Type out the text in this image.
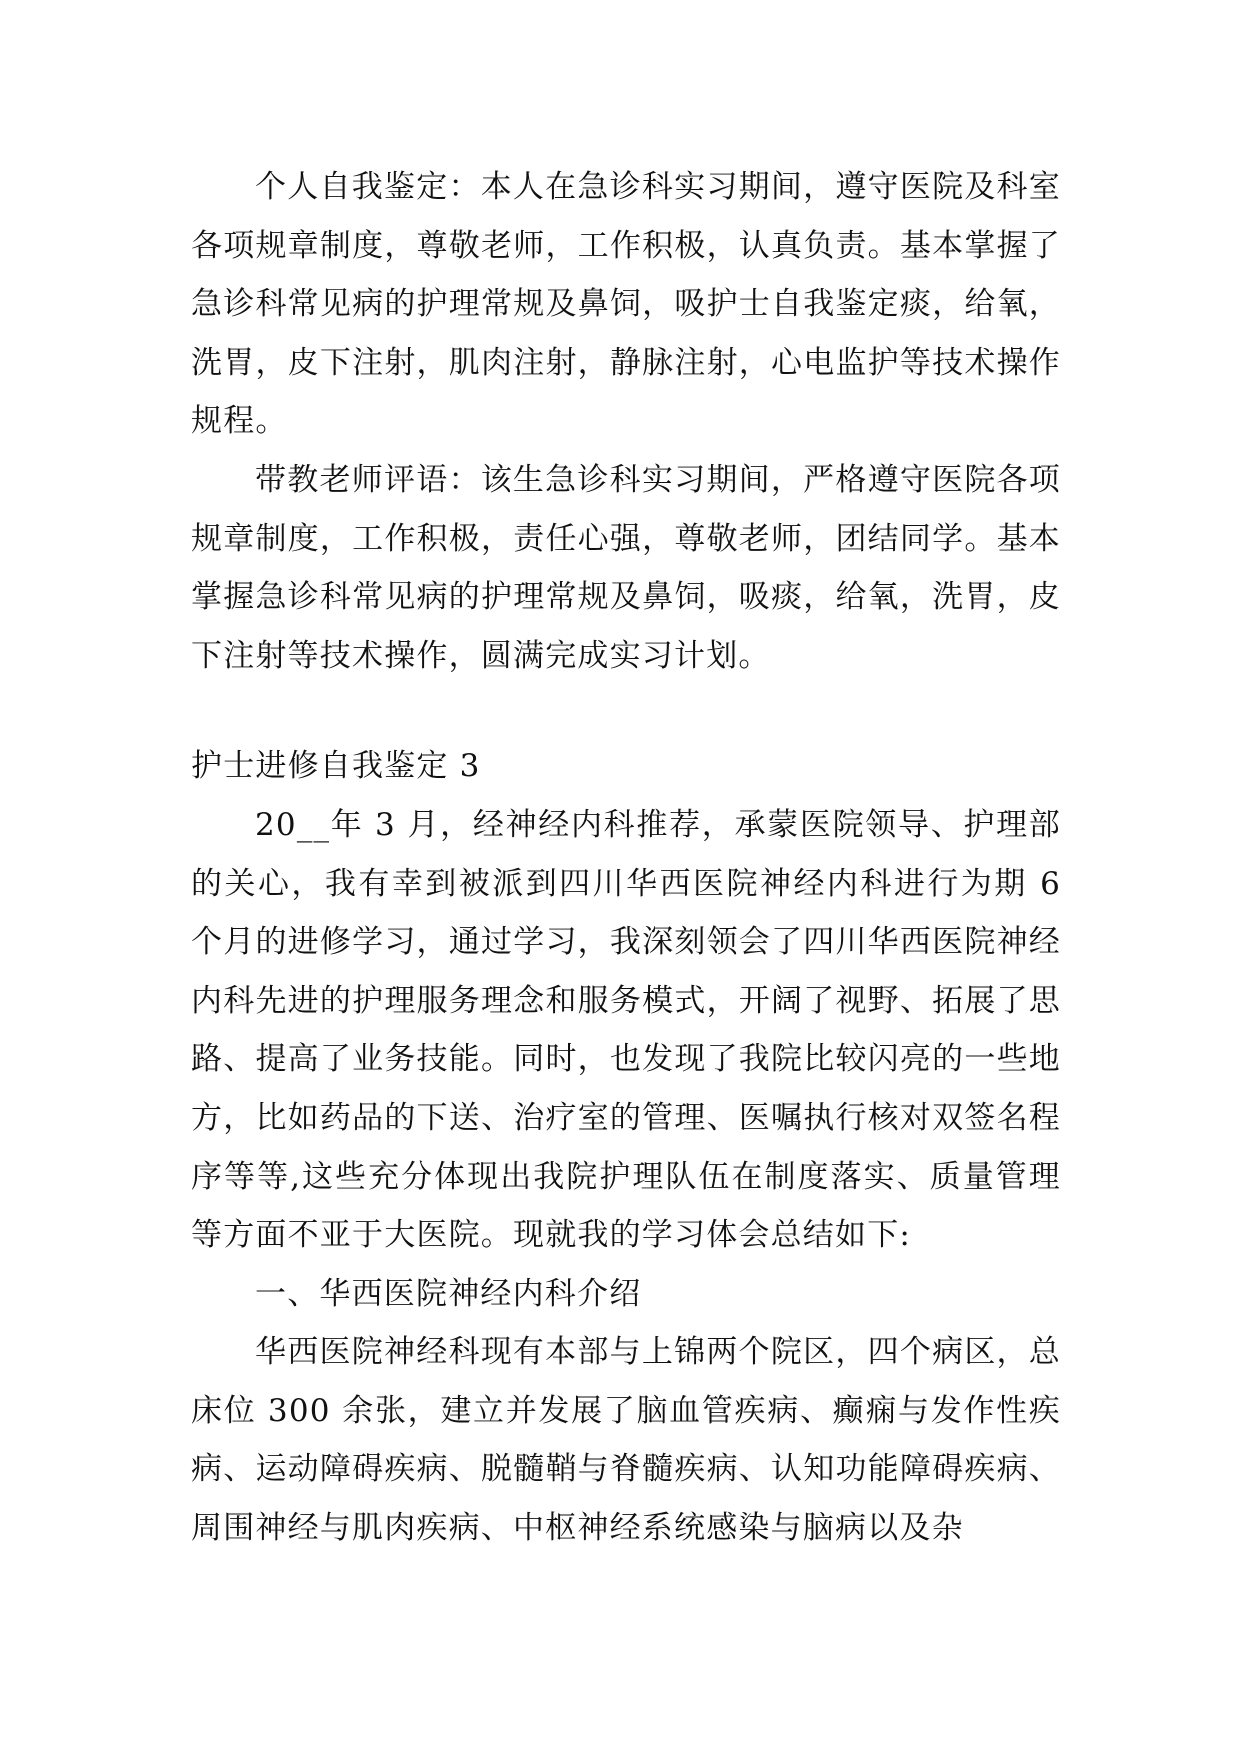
个人自我鉴定：本人在急诊科实习期间，遵守医院及科室各项规章制度，尊敬老师，工作积极，认真负责。基本掌握了急诊科常见病的护理常规及鼻饲，吸护士自我鉴定痰，给氧，洗胃，皮下注射，肌肉注射，静脉注射，心电监护等技术操作规程。

带教老师评语：该生急诊科实习期间，严格遵守医院各项规章制度，工作积极，责任心强，尊敬老师，团结同学。基本掌握急诊科常见病的护理常规及鼻饲，吸痰，给氧，洗胃，皮下注射等技术操作，圆满完成实习计划。

护士进修自我鉴定 3

20__年 3 月，经神经内科推荐，承蒙医院领导、护理部的关心，我有幸到被派到四川华西医院神经内科进行为期 6 个月的进修学习，通过学习，我深刻领会了四川华西医院神经内科先进的护理服务理念和服务模式，开阔了视野、拓展了思路、提高了业务技能。同时，也发现了我院比较闪亮的一些地方，比如药品的下送、治疗室的管理、医嘱执行核对双签名程序等等,这些充分体现出我院护理队伍在制度落实、质量管理等方面不亚于大医院。现就我的学习体会总结如下:

一、华西医院神经内科介绍

华西医院神经科现有本部与上锦两个院区，四个病区，总床位 300 余张，建立并发展了脑血管疾病、癫痫与发作性疾病、运动障碍疾病、脱髓鞘与脊髓疾病、认知功能障碍疾病、周围神经与肌肉疾病、中枢神经系统感染与脑病以及杂
